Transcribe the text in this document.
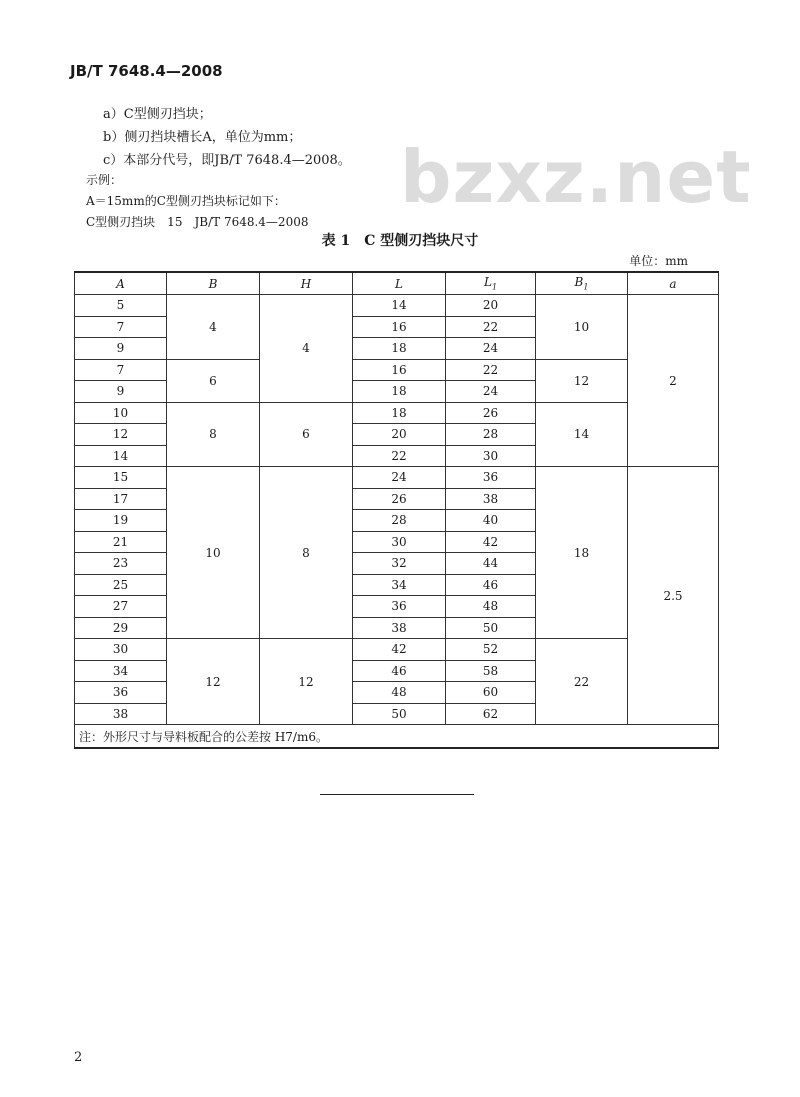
JB/T 7648.4—2008
a）C型侧刃挡块；
b）侧刃挡块槽长A，单位为mm；
c）本部分代号，即JB/T 7648.4—2008。
示例：
A＝15mm的C型侧刃挡块标记如下：
C型侧刃挡块　15　JB/T 7648.4—2008
bzxz.net
表 1　C 型侧刃挡块尺寸
单位：mm
A	B	H	L	$L_1$	$B_1$	a
5	4	4	14	20	10	2
7			16	22		
9			18	24		
7	6		16	22	12	
9			18	24		
10	8	6	18	26	14	
12			20	28		
14			22	30		
15	10	8	24	36	18	2.5
17			26	38		
19			28	40		
21			30	42		
23			32	44		
25			34	46		
27			36	48		
29			38	50		
30	12	12	42	52	22	
34			46	58		
36			48	60		
38			50	62		
注：外形尺寸与导料板配合的公差按 H7/m6。						
2
